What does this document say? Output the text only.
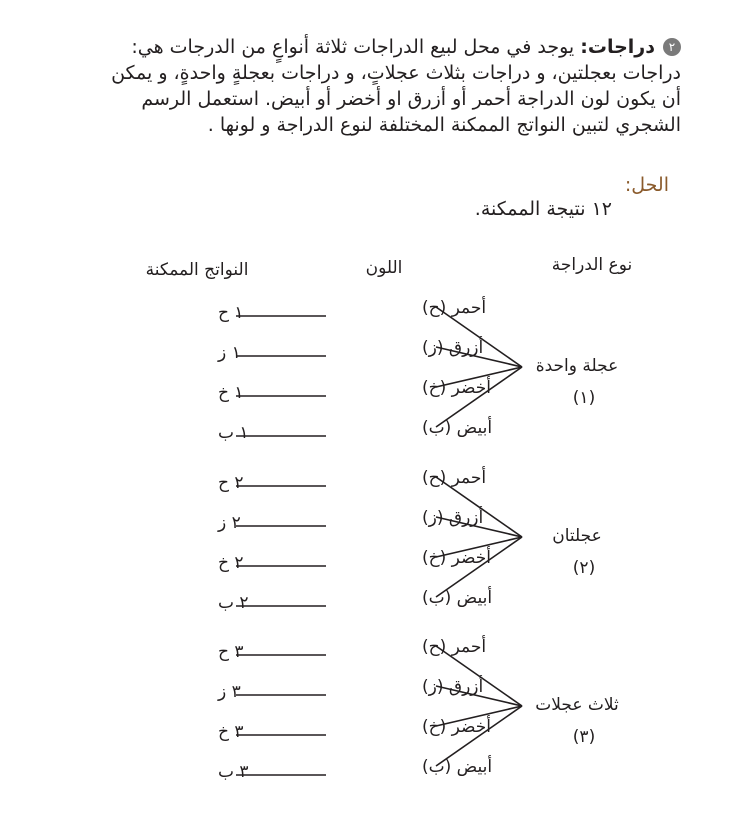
٢دراجات: يوجد في محل لبيع الدراجات ثلاثة أنواعٍ من الدرجات هي: دراجات بعجلتين، و دراجات بثلاث عجلاتٍ، و دراجات بعجلةٍ واحدةٍ، و يمكن أن يكون لون الدراجة أحمر أو أزرق او أخضر أو أبيض. استعمل الرسم الشجري لتبين النواتج الممكنة المختلفة لنوع الدراجة و لونها .
الحل:
١٢ نتيجة الممكنة.
نوع الدراجة
اللون
النواتج الممكنة
عجلة واحدة
(١)
أحمر (ح)
١ ح
أزرق (ز)
١ ز
أخضر (خ)
١ خ
أبيض (ب)
١ ب
عجلتان
(٢)
أحمر (ح)
٢ ح
أزرق (ز)
٢ ز
أخضر (خ)
٢ خ
أبيض (ب)
٢ ب
ثلاث عجلات
(٣)
أحمر (ح)
٣ ح
أزرق (ز)
٣ ز
أخضر (خ)
٣ خ
أبيض (ب)
٣ ب
